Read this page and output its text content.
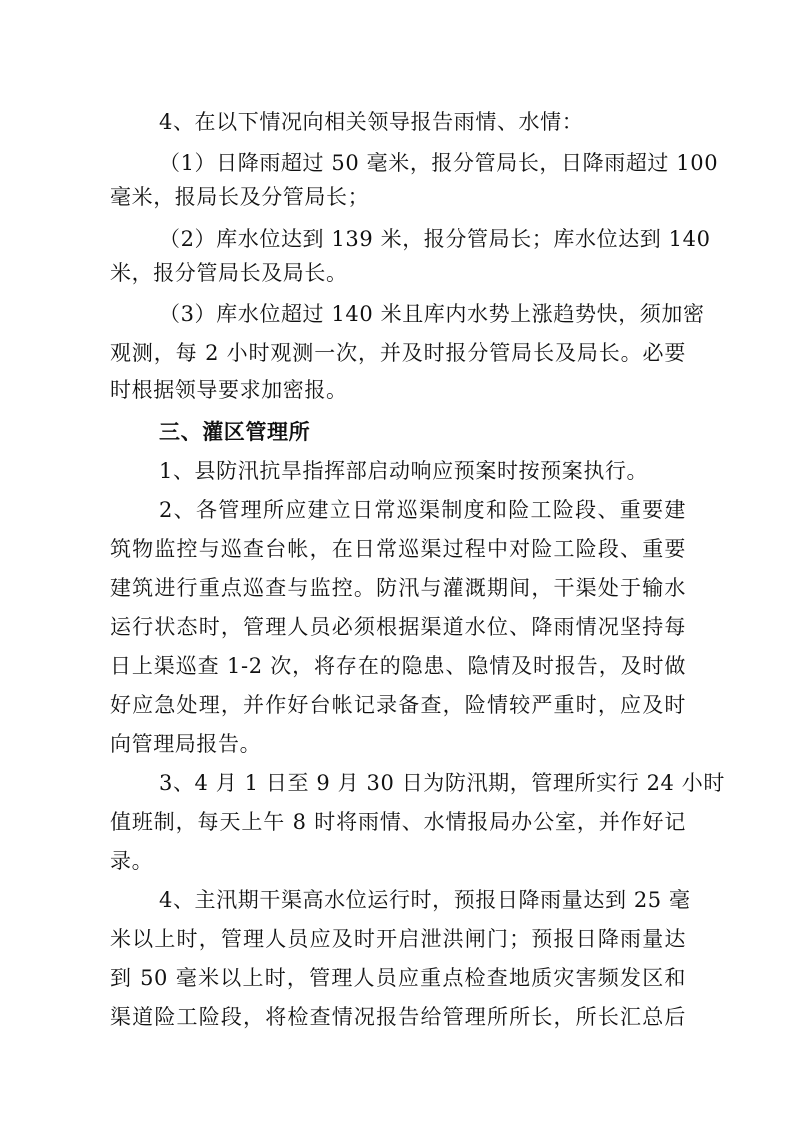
4、在以下情况向相关领导报告雨情、水情：
（1）日降雨超过 50 毫米，报分管局长，日降雨超过 100
毫米，报局长及分管局长；
（2）库水位达到 139 米，报分管局长；库水位达到 140
米，报分管局长及局长。
（3）库水位超过 140 米且库内水势上涨趋势快，须加密
观测，每 2 小时观测一次，并及时报分管局长及局长。必要
时根据领导要求加密报。
三、灌区管理所
1、县防汛抗旱指挥部启动响应预案时按预案执行。
2、各管理所应建立日常巡渠制度和险工险段、重要建
筑物监控与巡查台帐，在日常巡渠过程中对险工险段、重要
建筑进行重点巡查与监控。防汛与灌溉期间，干渠处于输水
运行状态时，管理人员必须根据渠道水位、降雨情况坚持每
日上渠巡查 1-2 次，将存在的隐患、隐情及时报告，及时做
好应急处理，并作好台帐记录备查，险情较严重时，应及时
向管理局报告。
3、4 月 1 日至 9 月 30 日为防汛期，管理所实行 24 小时
值班制，每天上午 8 时将雨情、水情报局办公室，并作好记
录。
4、主汛期干渠高水位运行时，预报日降雨量达到 25 毫
米以上时，管理人员应及时开启泄洪闸门；预报日降雨量达
到 50 毫米以上时，管理人员应重点检查地质灾害频发区和
渠道险工险段，将检查情况报告给管理所所长，所长汇总后
